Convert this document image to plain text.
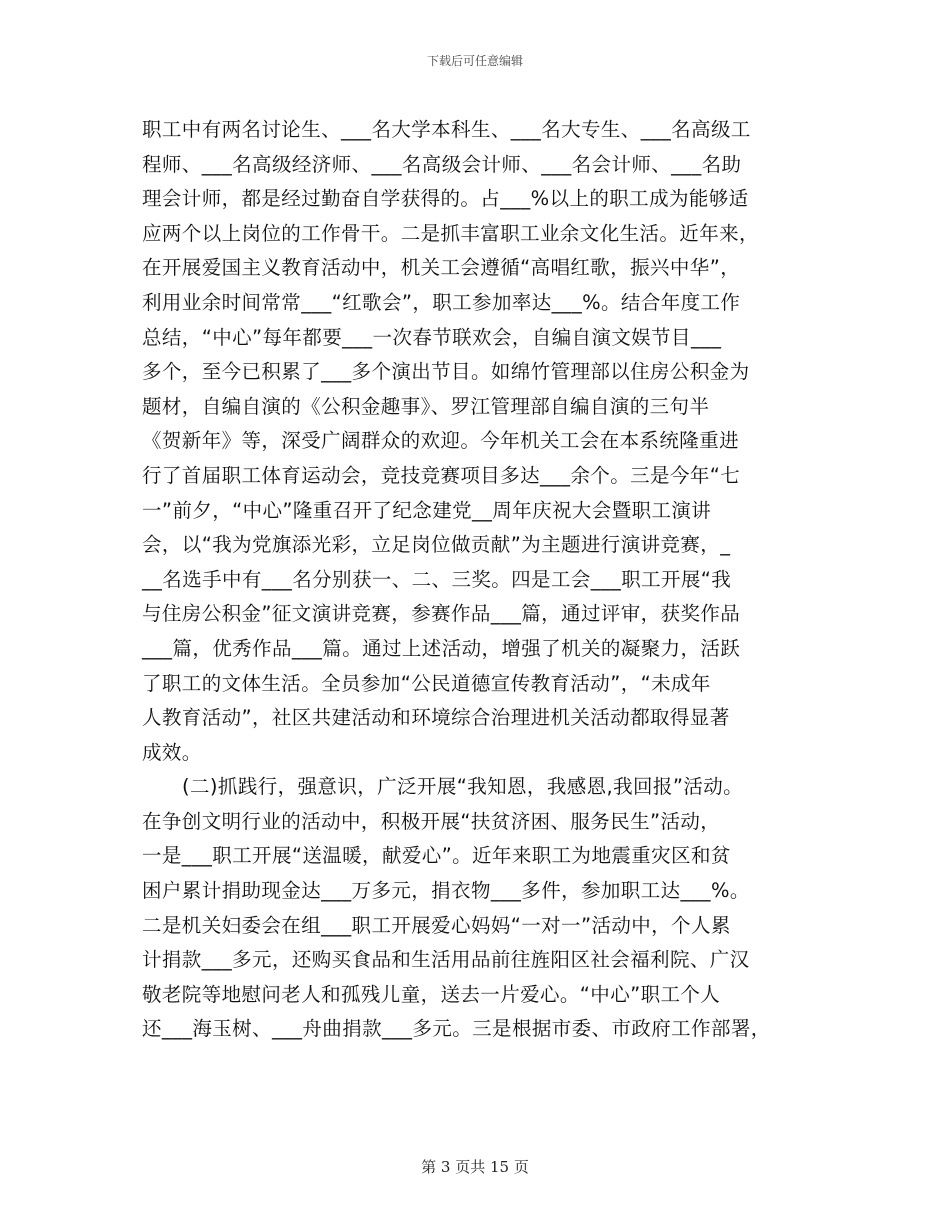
下载后可任意编辑
职工中有两名讨论生、___名大学本科生、___名大专生、___名高级工
程师、___名高级经济师、___名高级会计师、___名会计师、___名助
理会计师，都是经过勤奋自学获得的。占___%以上的职工成为能够适
应两个以上岗位的工作骨干。二是抓丰富职工业余文化生活。近年来，
在开展爱国主义教育活动中，机关工会遵循“高唱红歌，振兴中华”，
利用业余时间常常___“红歌会”，职工参加率达___%。结合年度工作
总结，“中心”每年都要___一次春节联欢会，自编自演文娱节目___
多个，至今已积累了___多个演出节目。如绵竹管理部以住房公积金为
题材，自编自演的《公积金趣事》、罗江管理部自编自演的三句半
《贺新年》等，深受广阔群众的欢迎。今年机关工会在本系统隆重进
行了首届职工体育运动会，竞技竞赛项目多达___余个。三是今年“七
一”前夕，“中心”隆重召开了纪念建党__周年庆祝大会暨职工演讲
会，以“我为党旗添光彩，立足岗位做贡献”为主题进行演讲竞赛，_
__名选手中有___名分别获一、二、三奖。四是工会___职工开展“我
与住房公积金”征文演讲竞赛，参赛作品___篇，通过评审，获奖作品
___篇，优秀作品___篇。通过上述活动，增强了机关的凝聚力，活跃
了职工的文体生活。全员参加“公民道德宣传教育活动”，“未成年
人教育活动”，社区共建活动和环境综合治理进机关活动都取得显著
成效。
(二)抓践行，强意识，广泛开展“我知恩，我感恩,我回报”活动。
在争创文明行业的活动中，积极开展“扶贫济困、服务民生”活动，
一是___职工开展“送温暖，献爱心”。近年来职工为地震重灾区和贫
困户累计捐助现金达___万多元，捐衣物___多件，参加职工达___%。
二是机关妇委会在组___职工开展爱心妈妈“一对一”活动中，个人累
计捐款___多元，还购买食品和生活用品前往旌阳区社会福利院、广汉
敬老院等地慰问老人和孤残儿童，送去一片爱心。“中心”职工个人
还___海玉树、___舟曲捐款___多元。三是根据市委、市政府工作部署，
第 3 页共 15 页
